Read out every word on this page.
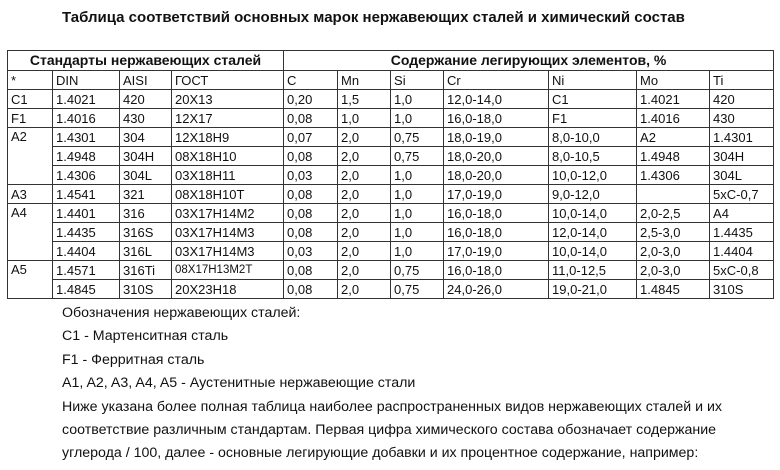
Таблица соответствий основных марок нержавеющих сталей и химический состав
Стандарты нержавеющих сталей				Содержание легирующих элементов, %						
*	DIN	AISI	ГОСТ	C	Mn	Si	Cr	Ni	Mo	Ti
C1	1.4021	420	20X13	0,20	1,5	1,0	12,0-14,0	C1	1.4021	420
F1	1.4016	430	12X17	0,08	1,0	1,0	16,0-18,0	F1	1.4016	430
A2	1.4301	304	12X18H9	0,07	2,0	0,75	18,0-19,0	8,0-10,0	A2	1.4301
	1.4948	304H	08X18H10	0,08	2,0	0,75	18,0-20,0	8,0-10,5	1.4948	304H
	1.4306	304L	03X18H11	0,03	2,0	1,0	18,0-20,0	10,0-12,0	1.4306	304L
A3	1.4541	321	08X18H10T	0,08	2,0	1,0	17,0-19,0	9,0-12,0		5xC-0,7
A4	1.4401	316	03X17H14M2	0,08	2,0	1,0	16,0-18,0	10,0-14,0	2,0-2,5	A4
	1.4435	316S	03X17H14M3	0,08	2,0	1,0	16,0-18,0	12,0-14,0	2,5-3,0	1.4435
	1.4404	316L	03X17H14M3	0,03	2,0	1,0	17,0-19,0	10,0-14,0	2,0-3,0	1.4404
A5	1.4571	316Ti	08X17H13M2T	0,08	2,0	0,75	16,0-18,0	11,0-12,5	2,0-3,0	5xC-0,8
	1.4845	310S	20X23H18	0,08	2,0	0,75	24,0-26,0	19,0-21,0	1.4845	310S
Обозначения нержавеющих сталей:
C1 - Мартенситная сталь
F1 - Ферритная сталь
A1, A2, A3, A4, A5 - Аустенитные нержавеющие стали
Ниже указана более полная таблица наиболее распространенных видов нержавеющих сталей и их
соответствие различным стандартам. Первая цифра химического состава обозначает содержание
углерода / 100, далее - основные легирующие добавки и их процентное содержание, например:
